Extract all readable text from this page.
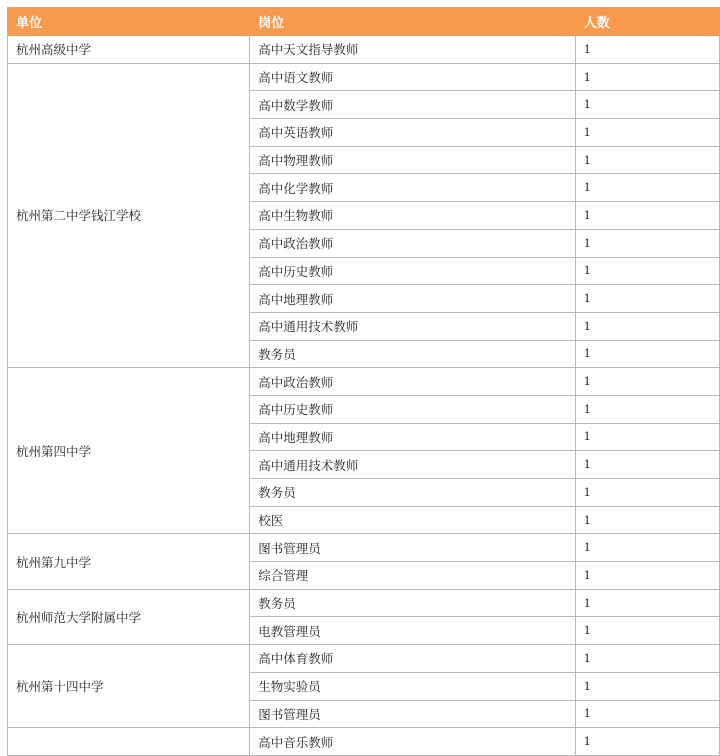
单位	岗位	人数
杭州高级中学	高中天文指导教师	1
杭州第二中学钱江学校	高中语文教师	1
	高中数学教师	1
	高中英语教师	1
	高中物理教师	1
	高中化学教师	1
	高中生物教师	1
	高中政治教师	1
	高中历史教师	1
	高中地理教师	1
	高中通用技术教师	1
	教务员	1
杭州第四中学	高中政治教师	1
	高中历史教师	1
	高中地理教师	1
	高中通用技术教师	1
	教务员	1
	校医	1
杭州第九中学	图书管理员	1
	综合管理	1
杭州师范大学附属中学	教务员	1
	电教管理员	1
杭州第十四中学	高中体育教师	1
	生物实验员	1
	图书管理员	1
	高中音乐教师	1
